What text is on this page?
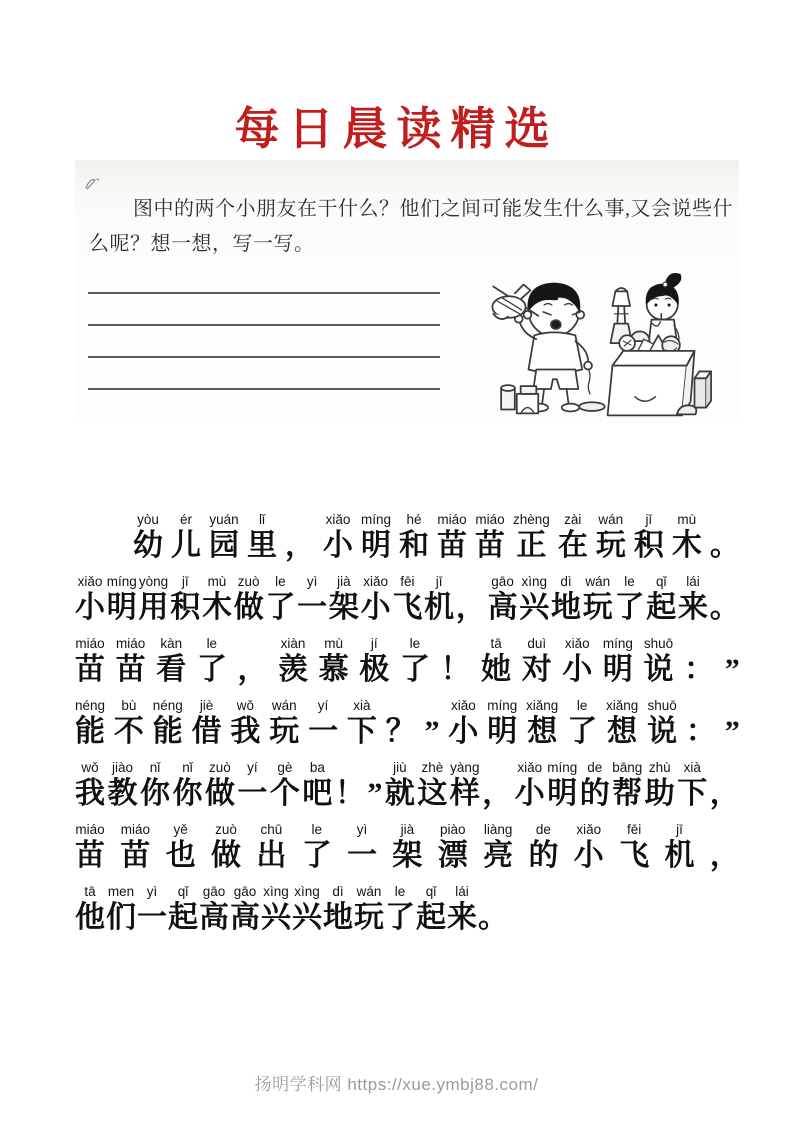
每日晨读精选
图中的两个小朋友在干什么？他们之间可能发生什么事,又会说些什
么呢？想一想，写一写。
yòu
幼
ér
儿
yuán
园
lǐ
里 ，
xiǎo
小
míng
明
hé
和
miáo
苗
miáo
苗
zhèng
正
zài
在
wán
玩
jī
积
mù
木 。
xiǎo
小
míng
明
yòng
用
jī
积
mù
木
zuò
做
le
了
yì
一
jià
架
xiǎo
小
fēi
飞
jī
机 ，
gāo
高
xìng
兴
dì
地
wán
玩
le
了
qǐ
起
lái
来 。
miáo
苗
miáo
苗
kàn
看
le
了 ，
xiàn
羡
mù
慕
jí
极
le
了 ！
tā
她
duì
对
xiǎo
小
míng
明
shuō
说 ： ”
néng
能
bù
不
néng
能
jiè
借
wǒ
我
wán
玩
yí
一
xià
下 ？ ”
xiǎo
小
míng
明
xiǎng
想
le
了
xiǎng
想
shuō
说 ： ”
wǒ
我
jiào
教
nǐ
你
nǐ
你
zuò
做
yí
一
gè
个
ba
吧 ！ ”
jiù
就
zhè
这
yàng
样 ，
xiǎo
小
míng
明
de
的
bāng
帮
zhù
助
xià
下 ，
miáo
苗
miáo
苗
yě
也
zuò
做
chū
出
le
了
yì
一
jià
架
piào
漂
liàng
亮
de
的
xiǎo
小
fēi
飞
jī
机 ，
tā
他
men
们
yì
一
qǐ
起
gāo
高
gāo
高
xìng
兴
xìng
兴
dì
地
wán
玩
le
了
qǐ
起
lái
来 。
扬明学科网 https://xue.ymbj88.com/
